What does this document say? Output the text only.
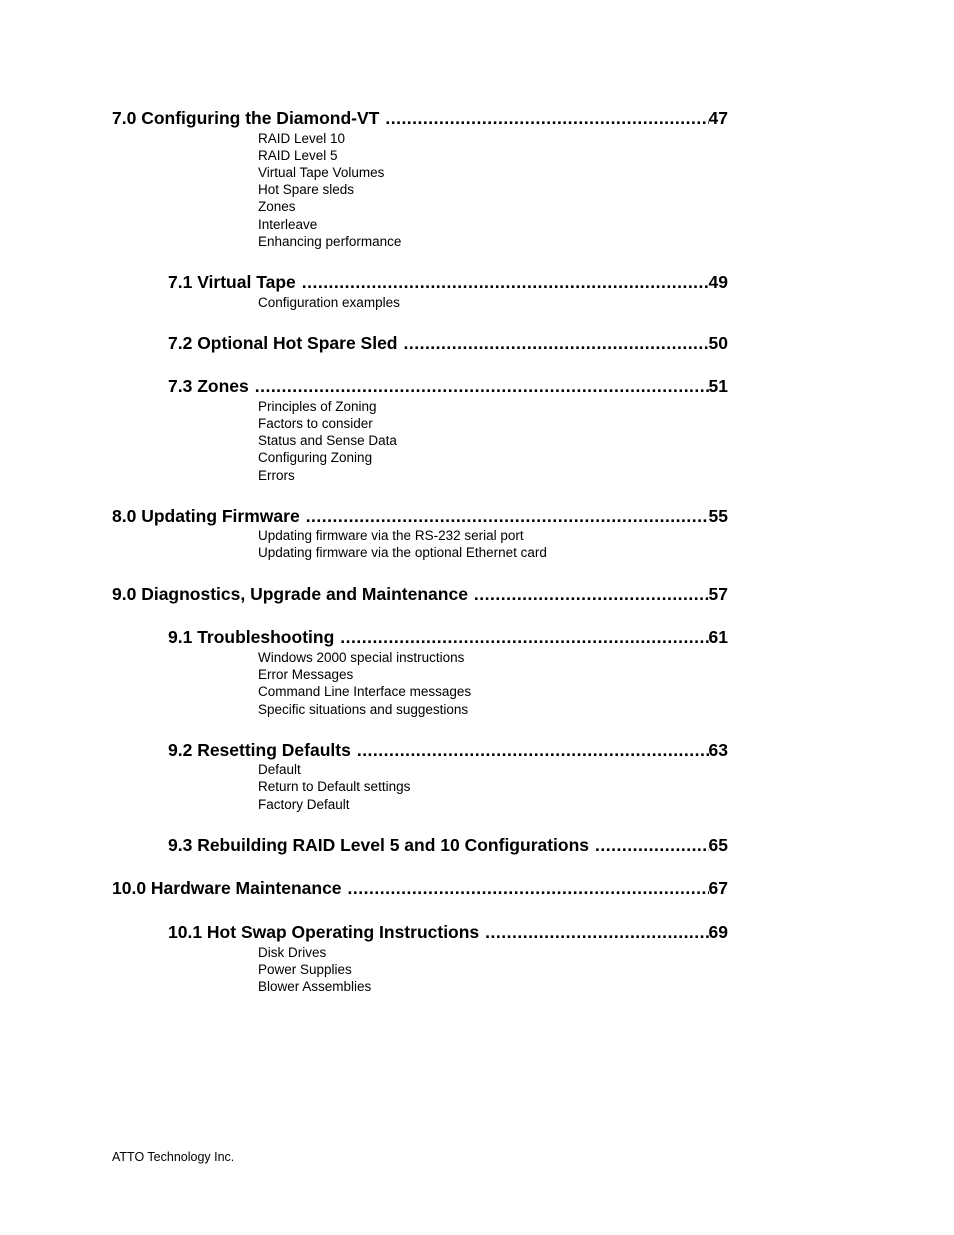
7.0 Configuring the Diamond-VT .....	47
RAID Level 10
RAID Level 5
Virtual Tape Volumes
Hot Spare sleds
Zones
Interleave
Enhancing performance
7.1 Virtual Tape .....	49
Configuration examples
7.2 Optional Hot Spare Sled .....	50
7.3 Zones .....	51
Principles of Zoning
Factors to consider
Status and Sense Data
Configuring Zoning
Errors
8.0 Updating Firmware .....	55
Updating firmware via the RS-232 serial port
Updating firmware via the optional Ethernet card
9.0 Diagnostics, Upgrade and Maintenance .....	57
9.1 Troubleshooting .....	61
Windows 2000 special instructions
Error Messages
Command Line Interface messages
Specific situations and suggestions
9.2 Resetting Defaults .....	63
Default
Return to Default settings
Factory Default
9.3 Rebuilding RAID Level 5 and 10 Configurations .....	65
10.0 Hardware Maintenance .....	67
10.1 Hot Swap Operating Instructions .....	69
Disk Drives
Power Supplies
Blower Assemblies
ATTO Technology Inc.
